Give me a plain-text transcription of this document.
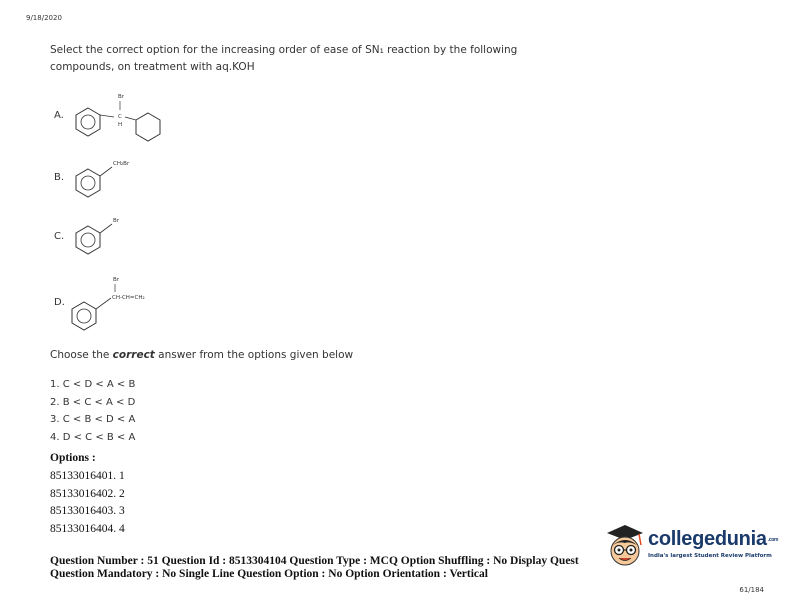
9/18/2020
Select the correct option for the increasing order of ease of SN₁ reaction by the following compounds, on treatment with aq.KOH
A.
Br
C
H
B.
CH₂Br
C.
Br
D.
Br
CH-CH=CH₂
Choose the correct answer from the options given below
1. C < D < A < B
2. B < C < A < D
3. C < B < D < A
4. D < C < B < A
Options :
85133016401. 1
85133016402. 2
85133016403. 3
85133016404. 4	collegedunia.com
India's largest Student Review Platform
Question Number : 51 Question Id : 8513304104 Question Type : MCQ Option Shuffling : No Display Quest
Question Mandatory : No Single Line Question Option : No Option Orientation : Vertical
61/184
